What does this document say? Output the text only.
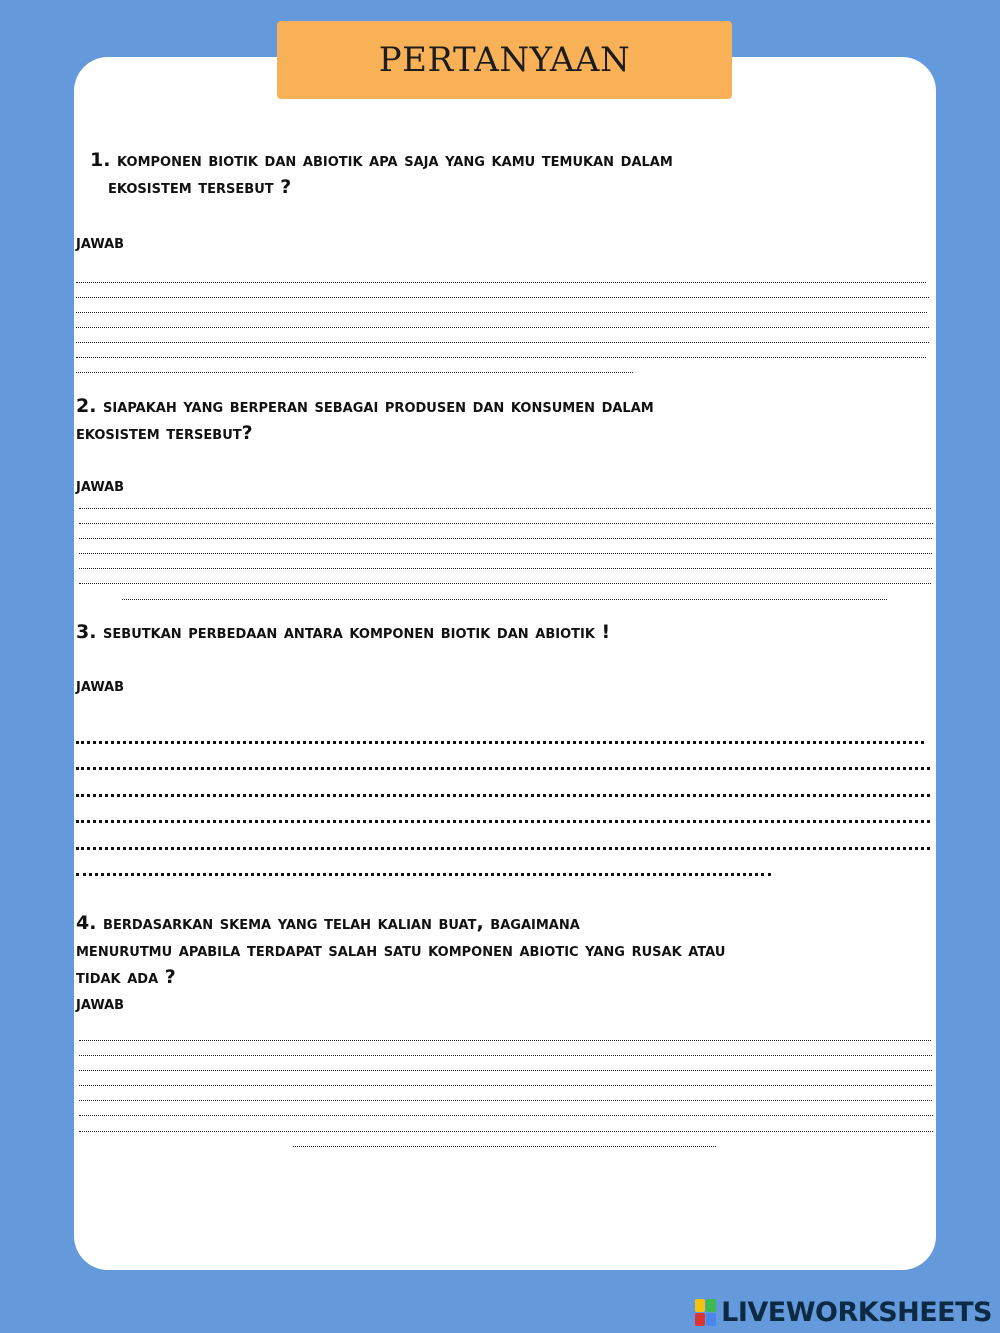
PERTANYAAN

1. komponen biotik dan abiotik apa saja yang kamu temukan dalam

ekosistem tersebut ?

jawab

2. siapakah yang berperan sebagai produsen dan konsumen dalam

ekosistem tersebut?

jawab

3. sebutkan perbedaan antara komponen biotik dan abiotik !

jawab

4. berdasarkan skema yang telah kalian buat, bagaimana

menurutmu apabila terdapat salah satu komponen abiotic yang rusak atau

tidak ada ?

jawab

LIVEWORKSHEETS
